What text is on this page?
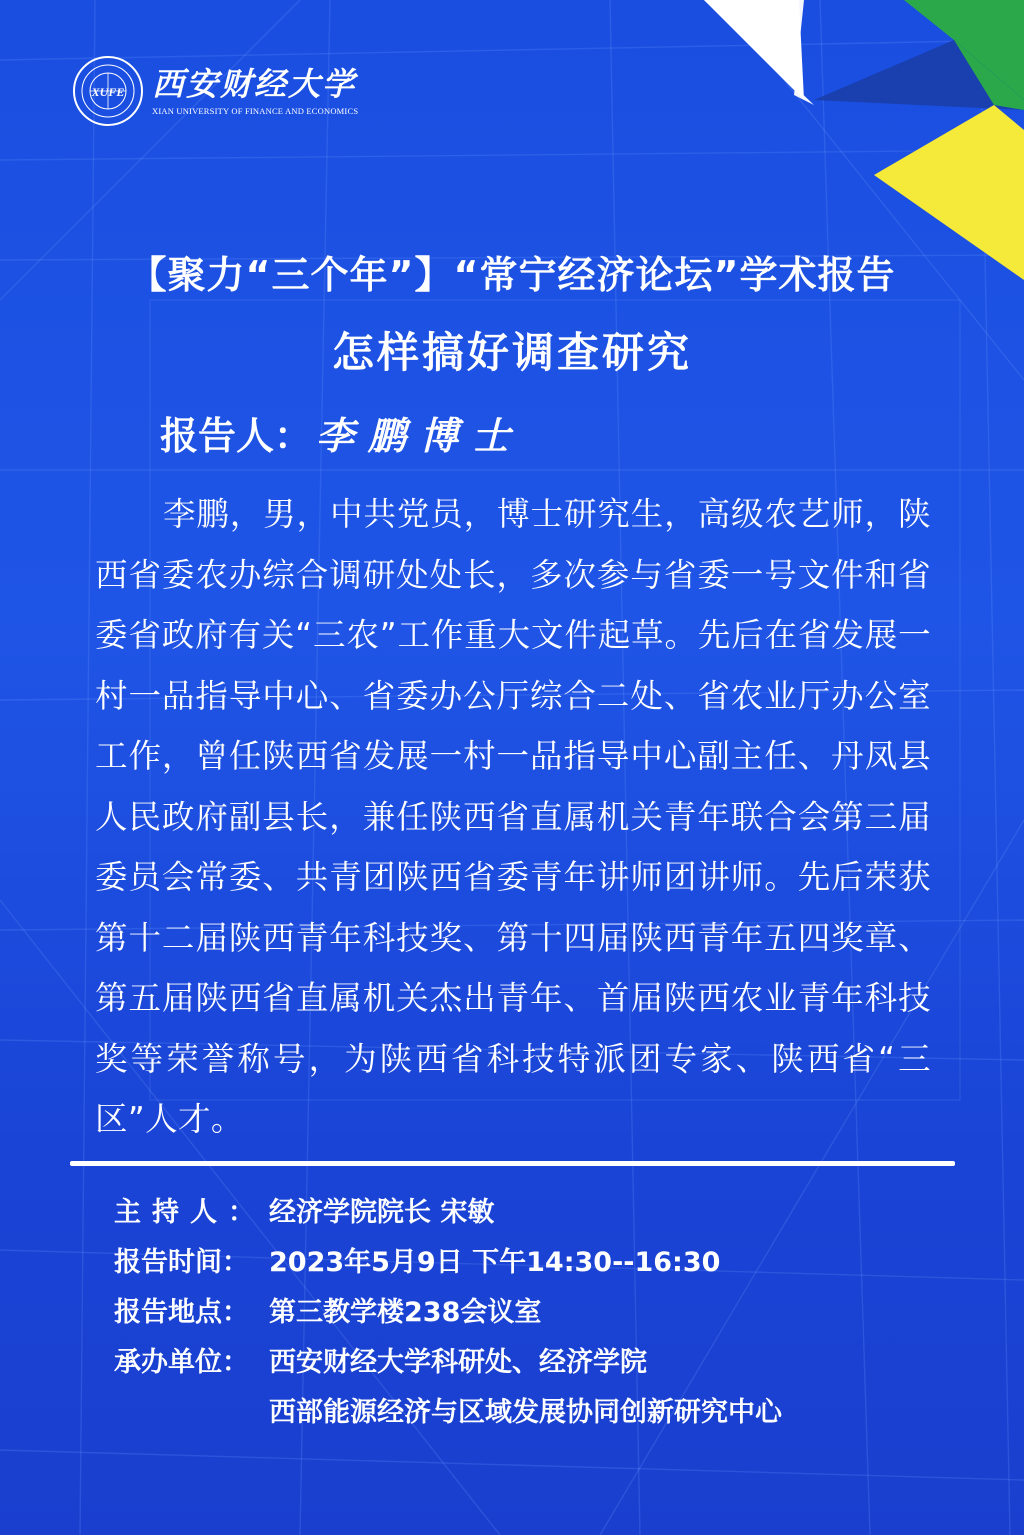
XUFE 西安财经大学
XIAN UNIVERSITY OF FINANCE AND ECONOMICS
【聚力“三个年”】“常宁经济论坛”学术报告
怎样搞好调查研究
报告人： 李鹏博士
李鹏，男，中共党员，博士研究生，高级农艺师，陕西省委农办综合调研处处长，多次参与省委一号文件和省委省政府有关“三农”工作重大文件起草。先后在省发展一村一品指导中心、省委办公厅综合二处、省农业厅办公室工作，曾任陕西省发展一村一品指导中心副主任、丹凤县人民政府副县长，兼任陕西省直属机关青年联合会第三届委员会常委、共青团陕西省委青年讲师团讲师。先后荣获第十二届陕西青年科技奖、第十四届陕西青年五四奖章、第五届陕西省直属机关杰出青年、首届陕西农业青年科技奖等荣誉称号，为陕西省科技特派团专家、陕西省“三区”人才。
主持人： 经济学院院长 宋敏
报告时间： 2023年5月9日 下午14:30--16:30
报告地点： 第三教学楼238会议室
承办单位： 西安财经大学科研处、经济学院
西部能源经济与区域发展协同创新研究中心
